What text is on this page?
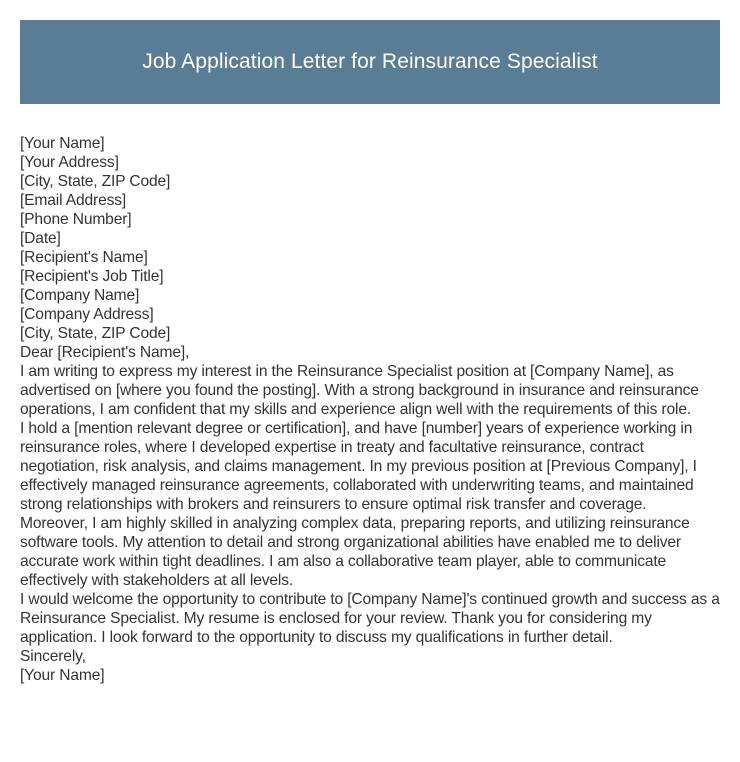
Job Application Letter for Reinsurance Specialist

[Your Name]

[Your Address]

[City, State, ZIP Code]

[Email Address]

[Phone Number]

[Date]

[Recipient's Name]

[Recipient's Job Title]

[Company Name]

[Company Address]

[City, State, ZIP Code]

Dear [Recipient's Name],

I am writing to express my interest in the Reinsurance Specialist position at [Company Name], as advertised on [where you found the posting]. With a strong background in insurance and reinsurance operations, I am confident that my skills and experience align well with the requirements of this role.

I hold a [mention relevant degree or certification], and have [number] years of experience working in reinsurance roles, where I developed expertise in treaty and facultative reinsurance, contract negotiation, risk analysis, and claims management. In my previous position at [Previous Company], I effectively managed reinsurance agreements, collaborated with underwriting teams, and maintained strong relationships with brokers and reinsurers to ensure optimal risk transfer and coverage.

Moreover, I am highly skilled in analyzing complex data, preparing reports, and utilizing reinsurance software tools. My attention to detail and strong organizational abilities have enabled me to deliver accurate work within tight deadlines. I am also a collaborative team player, able to communicate effectively with stakeholders at all levels.

I would welcome the opportunity to contribute to [Company Name]'s continued growth and success as a Reinsurance Specialist. My resume is enclosed for your review. Thank you for considering my application. I look forward to the opportunity to discuss my qualifications in further detail.

Sincerely,

[Your Name]
